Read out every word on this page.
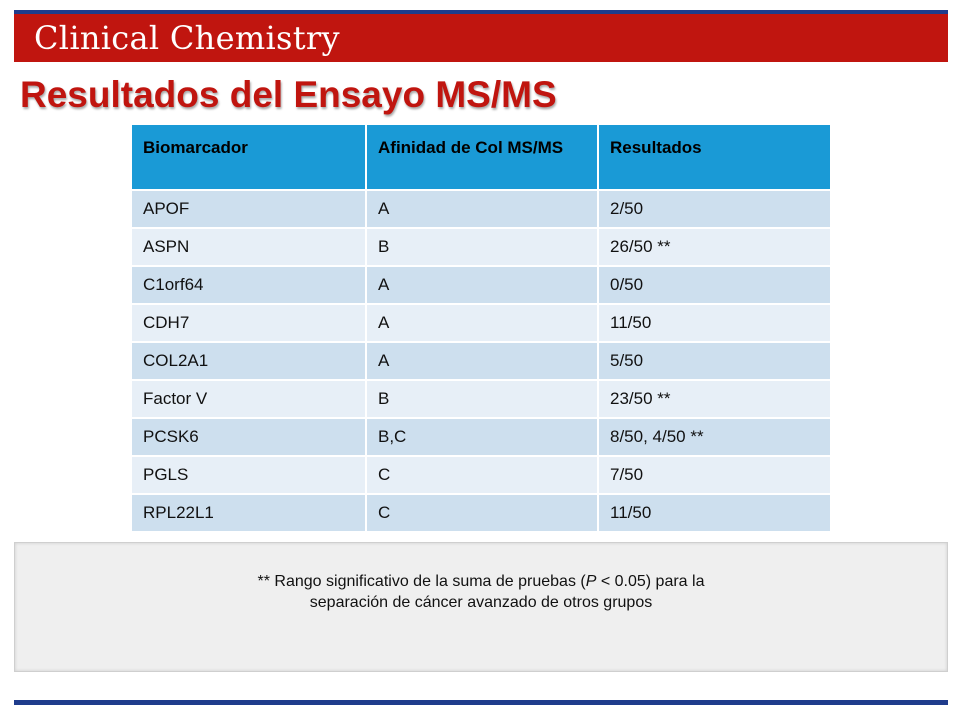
Clinical Chemistry
Resultados del Ensayo MS/MS
Biomarcador	Afinidad de Col MS/MS	Resultados
APOF	A	2/50
ASPN	B	26/50 **
C1orf64	A	0/50
CDH7	A	11/50
COL2A1	A	5/50
Factor V	B	23/50 **
PCSK6	B,C	8/50, 4/50 **
PGLS	C	7/50
RPL22L1	C	11/50
** Rango significativo de la suma de pruebas (P < 0.05) para la
separación de cáncer avanzado de otros grupos
